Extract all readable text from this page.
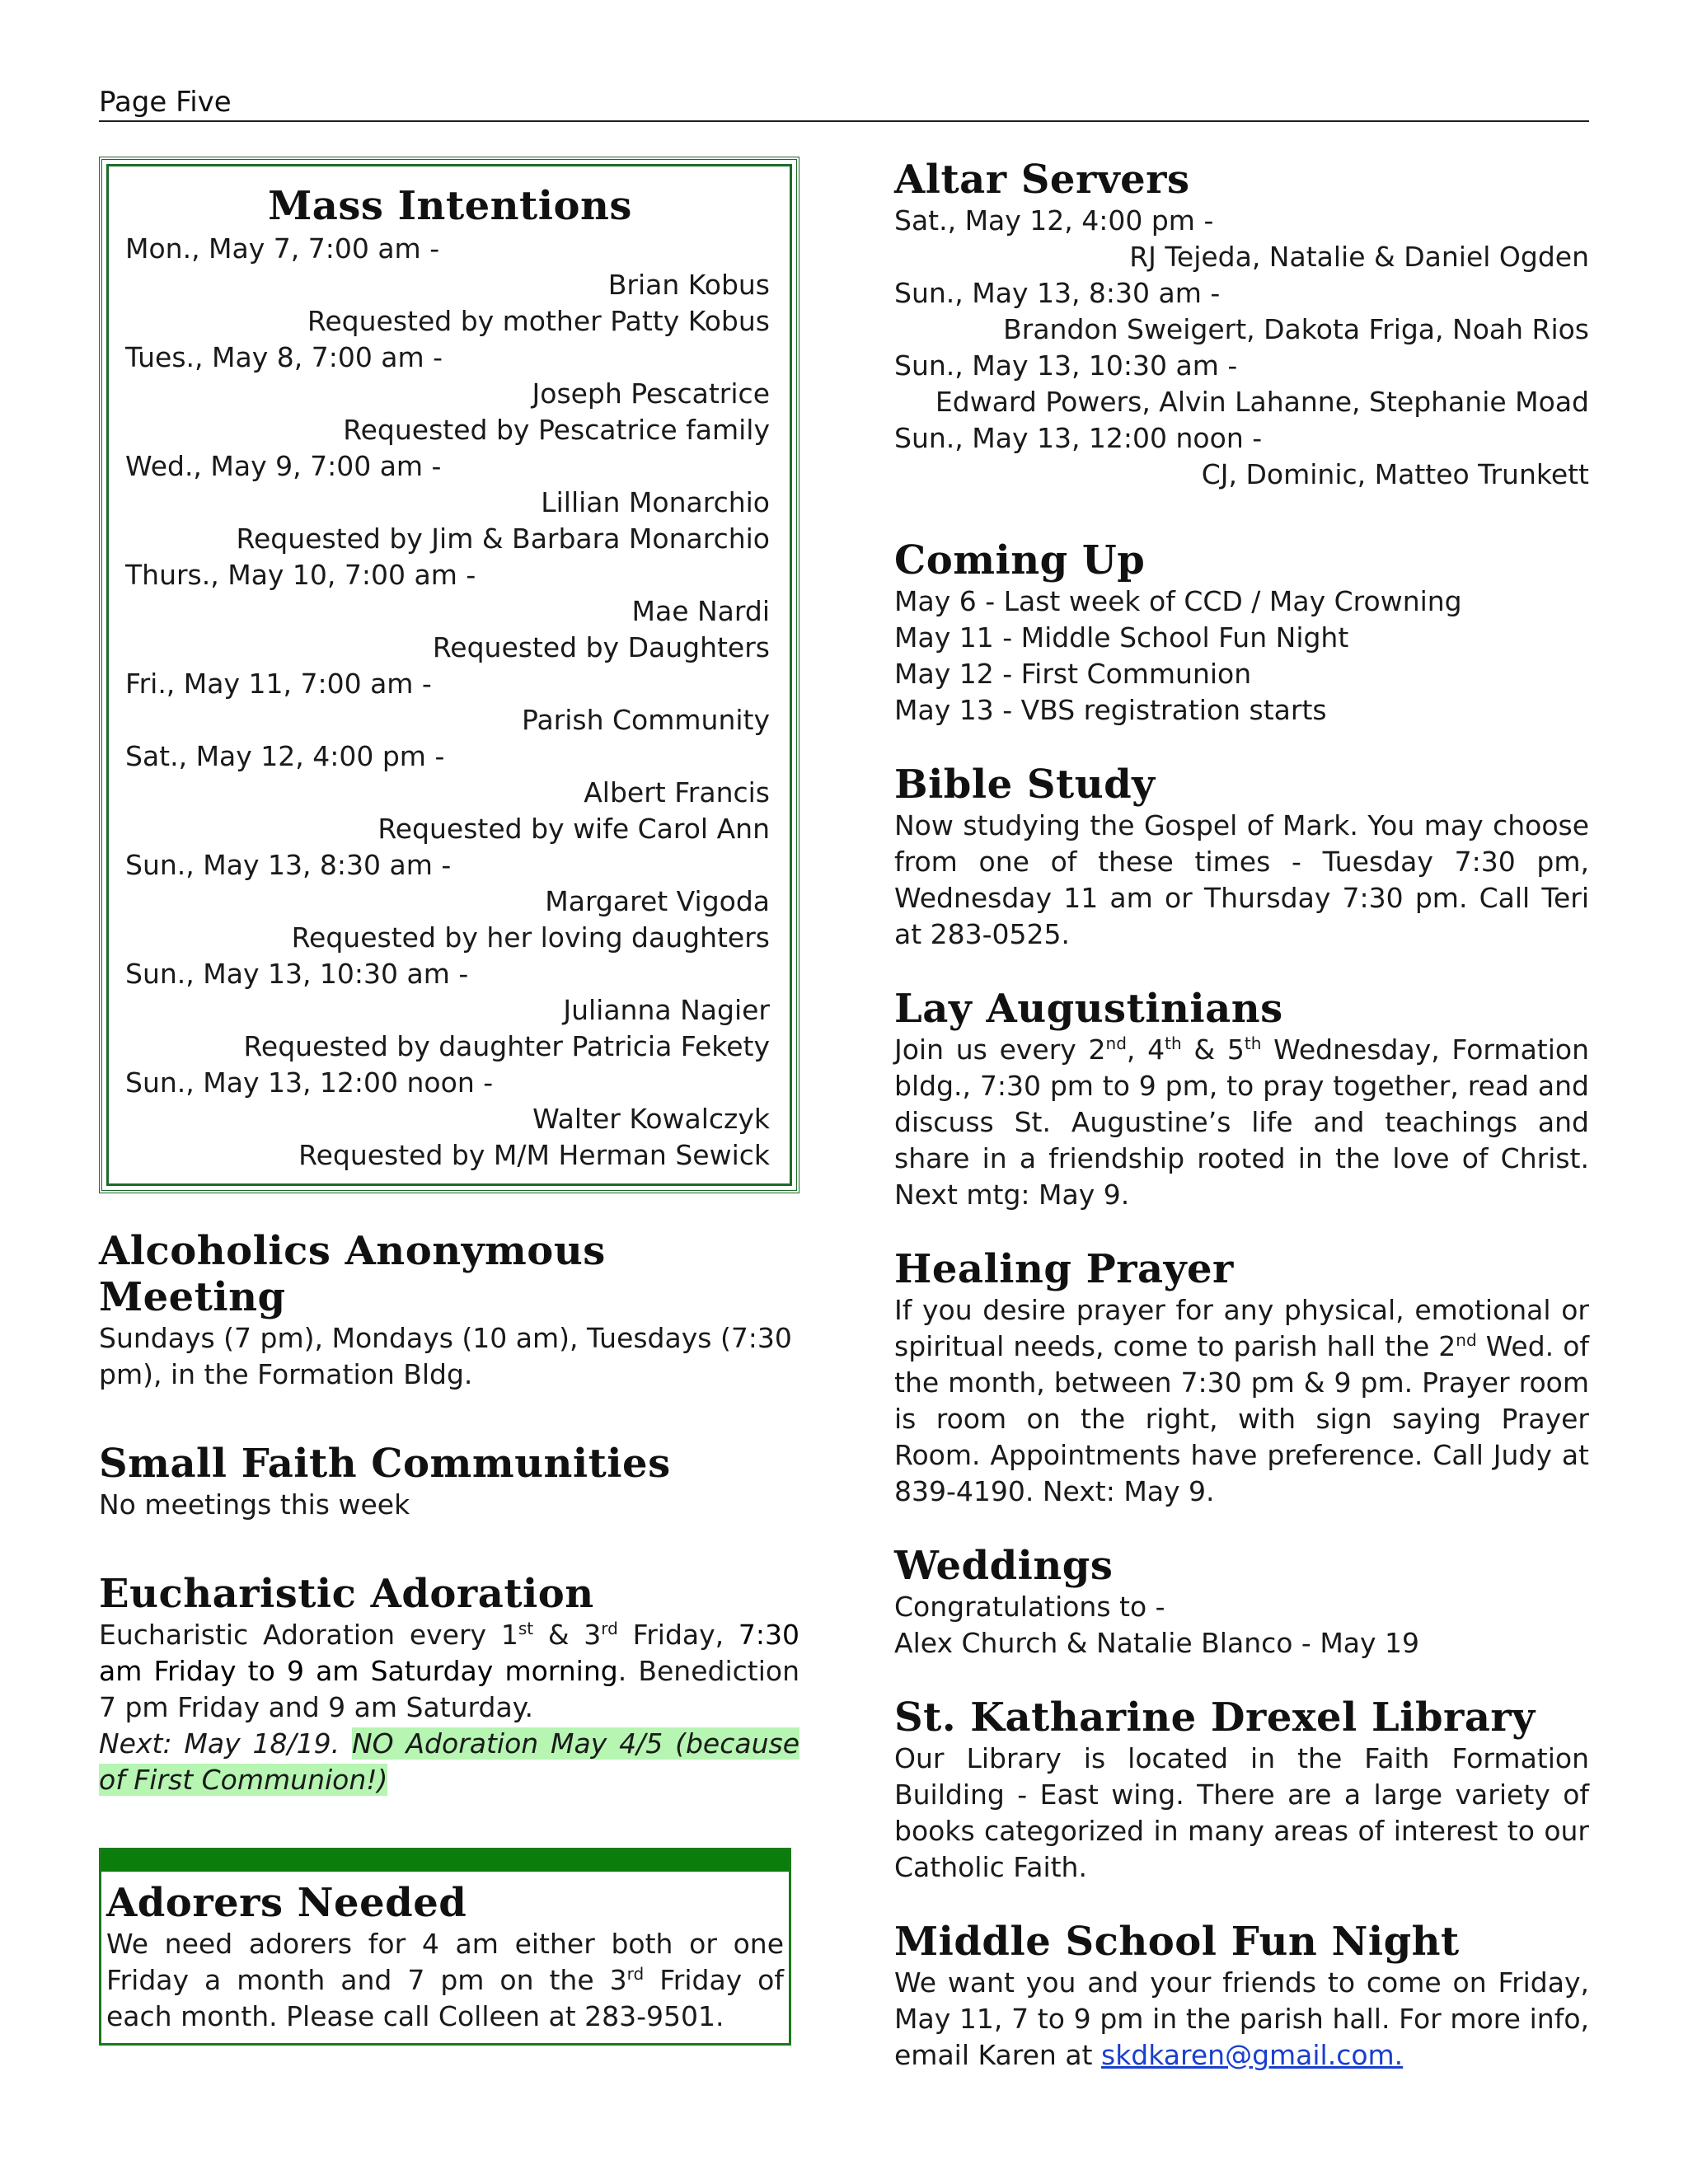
Page Five
Mass Intentions
Mon., May 7, 7:00 am -
Brian Kobus
Requested by mother Patty Kobus
Tues., May 8, 7:00 am -
Joseph Pescatrice
Requested by Pescatrice family
Wed., May 9, 7:00 am -
Lillian Monarchio
Requested by Jim & Barbara Monarchio
Thurs., May 10, 7:00 am -
Mae Nardi
Requested by Daughters
Fri., May 11, 7:00 am -
Parish Community
Sat., May 12, 4:00 pm -
Albert Francis
Requested by wife Carol Ann
Sun., May 13, 8:30 am -
Margaret Vigoda
Requested by her loving daughters
Sun., May 13, 10:30 am -
Julianna Nagier
Requested by daughter Patricia Fekety
Sun., May 13, 12:00 noon -
Walter Kowalczyk
Requested by M/M Herman Sewick
Alcoholics Anonymous Meeting

Sundays (7 pm), Mondays (10 am), Tuesdays (7:30 pm), in the Formation Bldg.

Small Faith Communities

No meetings this week

Eucharistic Adoration

Eucharistic Adoration every 1st & 3rd Friday, 7:30 am Friday to 9 am Saturday morning. Benediction 7 pm Friday and 9 am Saturday.

Next: May 18/19. NO Adoration May 4/5 (because of First Communion!)

Adorers Needed

We need adorers for 4 am either both or one Friday a month and 7 pm on the 3rd Friday of each month. Please call Colleen at 283-9501.

Altar Servers
Sat., May 12, 4:00 pm -
RJ Tejeda, Natalie & Daniel Ogden
Sun., May 13, 8:30 am -
Brandon Sweigert, Dakota Friga, Noah Rios
Sun., May 13, 10:30 am -
Edward Powers, Alvin Lahanne, Stephanie Moad
Sun., May 13, 12:00 noon -
CJ, Dominic, Matteo Trunkett
Coming Up
May 6 - Last week of CCD / May Crowning
May 11 - Middle School Fun Night
May 12 - First Communion
May 13 - VBS registration starts
Bible Study

Now studying the Gospel of Mark. You may choose from one of these times - Tuesday 7:30 pm, Wednesday 11 am or Thursday 7:30 pm. Call Teri at 283-0525.

Lay Augustinians

Join us every 2nd, 4th & 5th Wednesday, Formation bldg., 7:30 pm to 9 pm, to pray together, read and discuss St. Augustine’s life and teachings and share in a friendship rooted in the love of Christ. Next mtg: May 9.

Healing Prayer

If you desire prayer for any physical, emotional or spiritual needs, come to parish hall the 2nd Wed. of the month, between 7:30 pm & 9 pm. Prayer room is room on the right, with sign saying Prayer Room. Appointments have preference. Call Judy at 839-4190. Next: May 9.

Weddings

Congratulations to -

Alex Church & Natalie Blanco - May 19

St. Katharine Drexel Library

Our Library is located in the Faith Formation Building - East wing. There are a large variety of books categorized in many areas of interest to our Catholic Faith.

Middle School Fun Night

We want you and your friends to come on Friday, May 11, 7 to 9 pm in the parish hall. For more info, email Karen at skdkaren@gmail.com.
